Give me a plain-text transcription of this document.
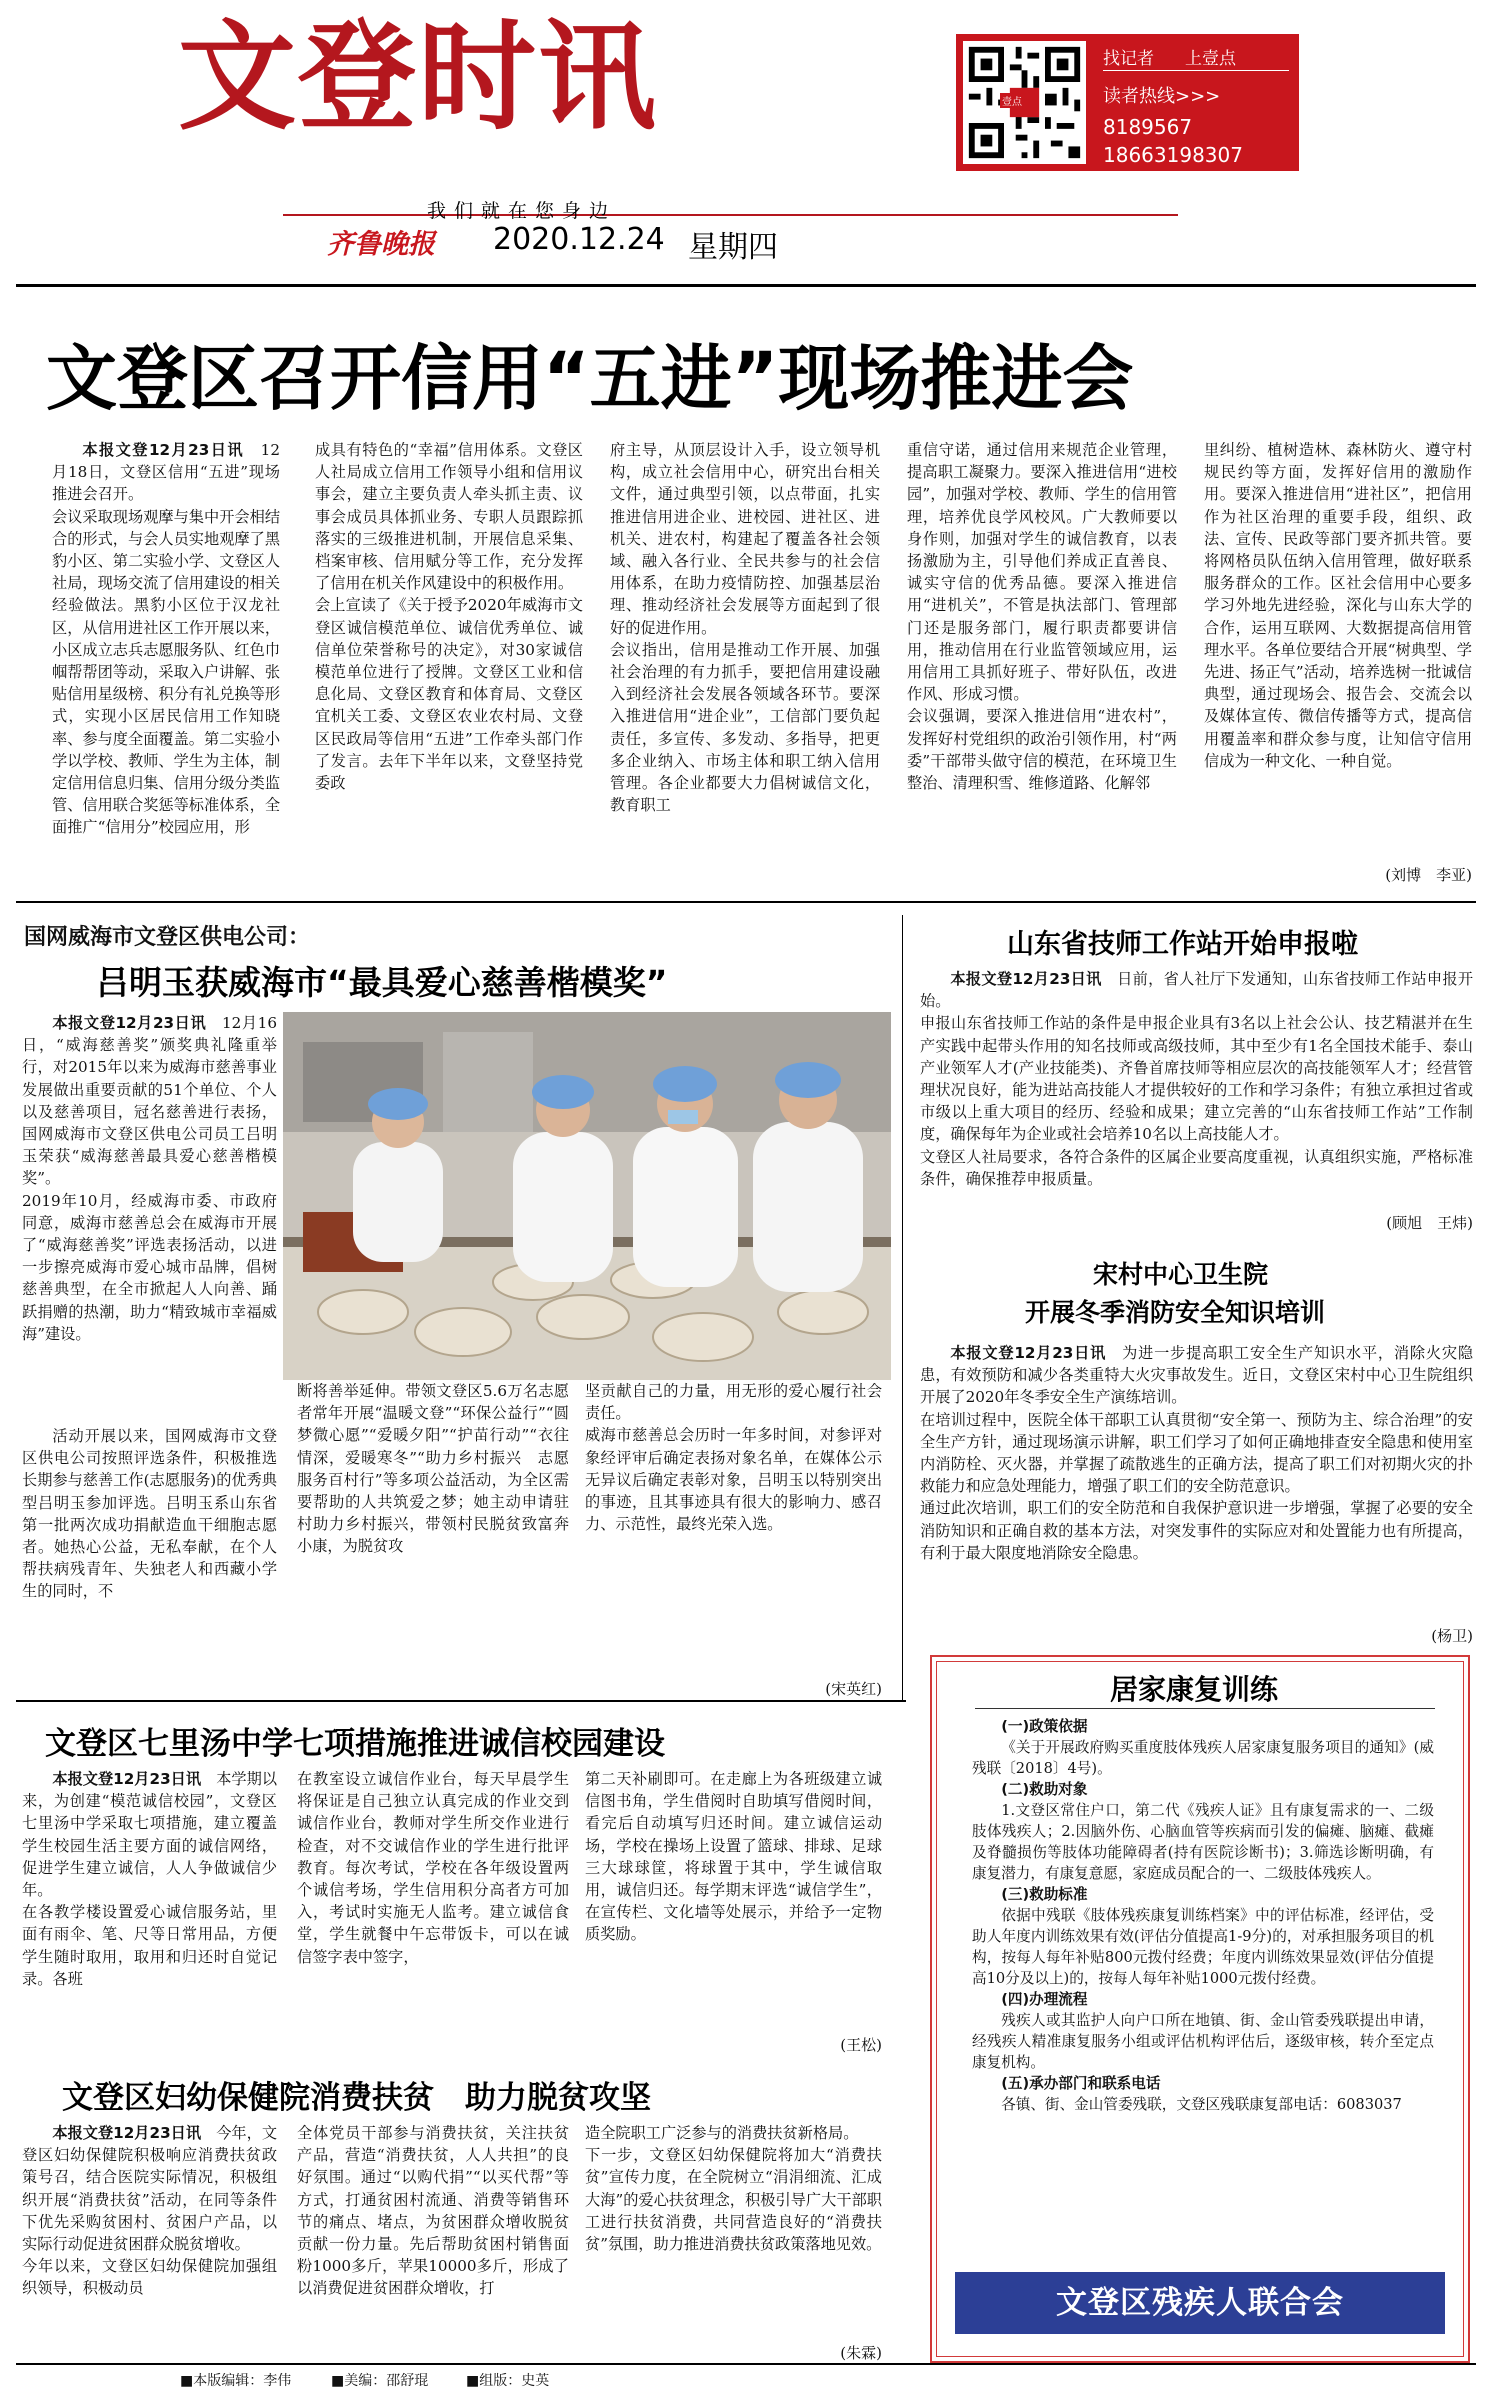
文登时讯
我们就在您身边
齐鲁晚报 2020.12.24 星期四
壹点
找记者 上壹点
读者热线>>>
8189567
18663198307
文登区召开信用“五进”现场推进会

本报文登12月23日讯　 12月18日，文登区信用“五进”现场推进会召开。
会议采取现场观摩与集中开会相结合的形式，与会人员实地观摩了黑豹小区、第二实验小学、文登区人社局，现场交流了信用建设的相关经验做法。黑豹小区位于汉龙社区，从信用进社区工作开展以来，小区成立志兵志愿服务队、红色巾帼帮帮团等动，采取入户讲解、张贴信用星级榜、积分有礼兑换等形式，实现小区居民信用工作知晓率、参与度全面覆盖。第二实验小学以学校、教师、学生为主体，制定信用信息归集、信用分级分类监管、信用联合奖惩等标准体系，全面推广“信用分”校园应用，形

成具有特色的“幸福”信用体系。文登区人社局成立信用工作领导小组和信用议事会，建立主要负责人牵头抓主责、议事会成员具体抓业务、专职人员跟踪抓落实的三级推进机制，开展信息采集、档案审核、信用赋分等工作，充分发挥了信用在机关作风建设中的积极作用。
会上宣读了《关于授予2020年威海市文登区诚信模范单位、诚信优秀单位、诚信单位荣誉称号的决定》，对30家诚信模范单位进行了授牌。文登区工业和信息化局、文登区教育和体育局、文登区宜机关工委、文登区农业农村局、文登区民政局等信用“五进”工作牵头部门作了发言。去年下半年以来，文登坚持党委政

府主导，从顶层设计入手，设立领导机构，成立社会信用中心，研究出台相关文件，通过典型引领，以点带面，扎实推进信用进企业、进校园、进社区、进机关、进农村，构建起了覆盖各社会领域、融入各行业、全民共参与的社会信用体系，在助力疫情防控、加强基层治理、推动经济社会发展等方面起到了很好的促进作用。
会议指出，信用是推动工作开展、加强社会治理的有力抓手，要把信用建设融入到经济社会发展各领域各环节。要深入推进信用“进企业”，工信部门要负起责任，多宣传、多发动、多指导，把更多企业纳入、市场主体和职工纳入信用管理。各企业都要大力倡树诚信文化，教育职工

重信守诺，通过信用来规范企业管理，提高职工凝聚力。要深入推进信用“进校园”，加强对学校、教师、学生的信用管理，培养优良学风校风。广大教师要以身作则，加强对学生的诚信教育，以表扬激励为主，引导他们养成正直善良、诚实守信的优秀品德。要深入推进信用“进机关”，不管是执法部门、管理部门还是服务部门，履行职责都要讲信用，推动信用在行业监管领域应用，运用信用工具抓好班子、带好队伍，改进作风、形成习惯。
会议强调，要深入推进信用“进农村”，发挥好村党组织的政治引领作用，村“两委”干部带头做守信的模范，在环境卫生整治、清理积雪、维修道路、化解邻

里纠纷、植树造林、森林防火、遵守村规民约等方面，发挥好信用的激励作用。要深入推进信用“进社区”，把信用作为社区治理的重要手段，组织、政法、宣传、民政等部门要齐抓共管。要将网格员队伍纳入信用管理，做好联系服务群众的工作。区社会信用中心要多学习外地先进经验，深化与山东大学的合作，运用互联网、大数据提高信用管理水平。各单位要结合开展“树典型、学先进、扬正气”活动，培养选树一批诚信典型，通过现场会、报告会、交流会以及媒体宣传、微信传播等方式，提高信用覆盖率和群众参与度，让知信守信用信成为一种文化、一种自觉。

(刘博　李亚)
国网威海市文登区供电公司：
吕明玉获威海市“最具爱心慈善楷模奖”

本报文登12月23日讯　 12月16日，“威海慈善奖”颁奖典礼隆重举行，对2015年以来为威海市慈善事业发展做出重要贡献的51个单位、个人以及慈善项目，冠名慈善进行表扬，国网威海市文登区供电公司员工吕明玉荣获“威海慈善最具爱心慈善楷模奖”。
2019年10月，经威海市委、市政府同意，威海市慈善总会在威海市开展了“威海慈善奖”评选表扬活动，以进一步擦亮威海市爱心城市品牌，倡树慈善典型，在全市掀起人人向善、踊跃捐赠的热潮，助力“精致城市幸福威海”建设。

活动开展以来，国网威海市文登区供电公司按照评选条件，积极推选长期参与慈善工作(志愿服务)的优秀典型吕明玉参加评选。吕明玉系山东省第一批两次成功捐献造血干细胞志愿者。她热心公益，无私奉献，在个人帮扶病残青年、失独老人和西藏小学生的同时，不

断将善举延伸。带领文登区5.6万名志愿者常年开展“温暖文登”“环保公益行”“圆梦微心愿”“爱暖夕阳”“护苗行动”“衣往情深，爱暖寒冬”“助力乡村振兴　志愿服务百村行”等多项公益活动，为全区需要帮助的人共筑爱之梦；她主动申请驻村助力乡村振兴，带领村民脱贫致富奔小康，为脱贫攻

坚贡献自己的力量，用无形的爱心履行社会责任。
威海市慈善总会历时一年多时间，对参评对象经评审后确定表扬对象名单，在媒体公示无异议后确定表彰对象，吕明玉以特别突出的事迹，且其事迹具有很大的影响力、感召力、示范性，最终光荣入选。

(宋英红)
山东省技师工作站开始申报啦

本报文登12月23日讯　 日前，省人社厅下发通知，山东省技师工作站申报开始。
申报山东省技师工作站的条件是申报企业具有3名以上社会公认、技艺精湛并在生产实践中起带头作用的知名技师或高级技师，其中至少有1名全国技术能手、泰山产业领军人才(产业技能类)、齐鲁首席技师等相应层次的高技能领军人才；经营管理状况良好，能为进站高技能人才提供较好的工作和学习条件；有独立承担过省或市级以上重大项目的经历、经验和成果；建立完善的“山东省技师工作站”工作制度，确保每年为企业或社会培养10名以上高技能人才。
文登区人社局要求，各符合条件的区属企业要高度重视，认真组织实施，严格标准条件，确保推荐申报质量。

(顾旭　王炜)
宋村中心卫生院
开展冬季消防安全知识培训

本报文登12月23日讯　 为进一步提高职工安全生产知识水平，消除火灾隐患，有效预防和减少各类重特大火灾事故发生。近日，文登区宋村中心卫生院组织开展了2020年冬季安全生产演练培训。
在培训过程中，医院全体干部职工认真贯彻“安全第一、预防为主、综合治理”的安全生产方针，通过现场演示讲解，职工们学习了如何正确地排查安全隐患和使用室内消防栓、灭火器，并掌握了疏散逃生的正确方法，提高了职工们对初期火灾的扑救能力和应急处理能力，增强了职工们的安全防范意识。
通过此次培训，职工们的安全防范和自我保护意识进一步增强，掌握了必要的安全消防知识和正确自救的基本方法，对突发事件的实际应对和处置能力也有所提高，有利于最大限度地消除安全隐患。

(杨卫)
文登区七里汤中学七项措施推进诚信校园建设

本报文登12月23日讯　 本学期以来，为创建“模范诚信校园”，文登区七里汤中学采取七项措施，建立覆盖学生校园生活主要方面的诚信网络，促进学生建立诚信，人人争做诚信少年。
在各教学楼设置爱心诚信服务站，里面有雨伞、笔、尺等日常用品，方便学生随时取用，取用和归还时自觉记录。各班

在教室设立诚信作业台，每天早晨学生将保证是自己独立认真完成的作业交到诚信作业台，教师对学生所交作业进行检查，对不交诚信作业的学生进行批评教育。每次考试，学校在各年级设置两个诚信考场，学生信用积分高者方可加入，考试时实施无人监考。建立诚信食堂，学生就餐中午忘带饭卡，可以在诚信签字表中签字，

第二天补刷即可。在走廊上为各班级建立诚信图书角，学生借阅时自助填写借阅时间，看完后自动填写归还时间。建立诚信运动场，学校在操场上设置了篮球、排球、足球三大球球筐，将球置于其中，学生诚信取用，诚信归还。每学期末评选“诚信学生”，在宣传栏、文化墙等处展示，并给予一定物质奖励。

(王松)
文登区妇幼保健院消费扶贫　助力脱贫攻坚

本报文登12月23日讯　 今年，文登区妇幼保健院积极响应消费扶贫政策号召，结合医院实际情况，积极组织开展“消费扶贫”活动，在同等条件下优先采购贫困村、贫困户产品，以实际行动促进贫困群众脱贫增收。
今年以来，文登区妇幼保健院加强组织领导，积极动员

全体党员干部参与消费扶贫，关注扶贫产品，营造“消费扶贫，人人共担”的良好氛围。通过“以购代捐”“以买代帮”等方式，打通贫困村流通、消费等销售环节的痛点、堵点，为贫困群众增收脱贫贡献一份力量。先后帮助贫困村销售面粉1000多斤，苹果10000多斤，形成了以消费促进贫困群众增收，打

造全院职工广泛参与的消费扶贫新格局。
下一步，文登区妇幼保健院将加大“消费扶贫”宣传力度，在全院树立“涓涓细流、汇成大海”的爱心扶贫理念，积极引导广大干部职工进行扶贫消费，共同营造良好的“消费扶贫”氛围，助力推进消费扶贫政策落地见效。

(朱霖)
居家康复训练
(一)政策依据
《关于开展政府购买重度肢体残疾人居家康复服务项目的通知》(威残联〔2018〕4号)。
(二)救助对象
1.文登区常住户口，第二代《残疾人证》且有康复需求的一、二级肢体残疾人；2.因脑外伤、心脑血管等疾病而引发的偏瘫、脑瘫、截瘫及脊髓损伤等肢体功能障碍者(持有医院诊断书)；3.筛选诊断明确，有康复潜力，有康复意愿，家庭成员配合的一、二级肢体残疾人。
(三)救助标准
依据中残联《肢体残疾康复训练档案》中的评估标准，经评估，受助人年度内训练效果有效(评估分值提高1-9分)的，对承担服务项目的机构，按每人每年补贴800元拨付经费；年度内训练效果显效(评估分值提高10分及以上)的，按每人每年补贴1000元拨付经费。
(四)办理流程
残疾人或其监护人向户口所在地镇、街、金山管委残联提出申请，经残疾人精准康复服务小组或评估机构评估后，逐级审核，转介至定点康复机构。
(五)承办部门和联系电话
各镇、街、金山管委残联，文登区残联康复部电话：6083037
文登区残疾人联合会
■本版编辑：李伟	■美编：邵舒琨	■组版：史英
